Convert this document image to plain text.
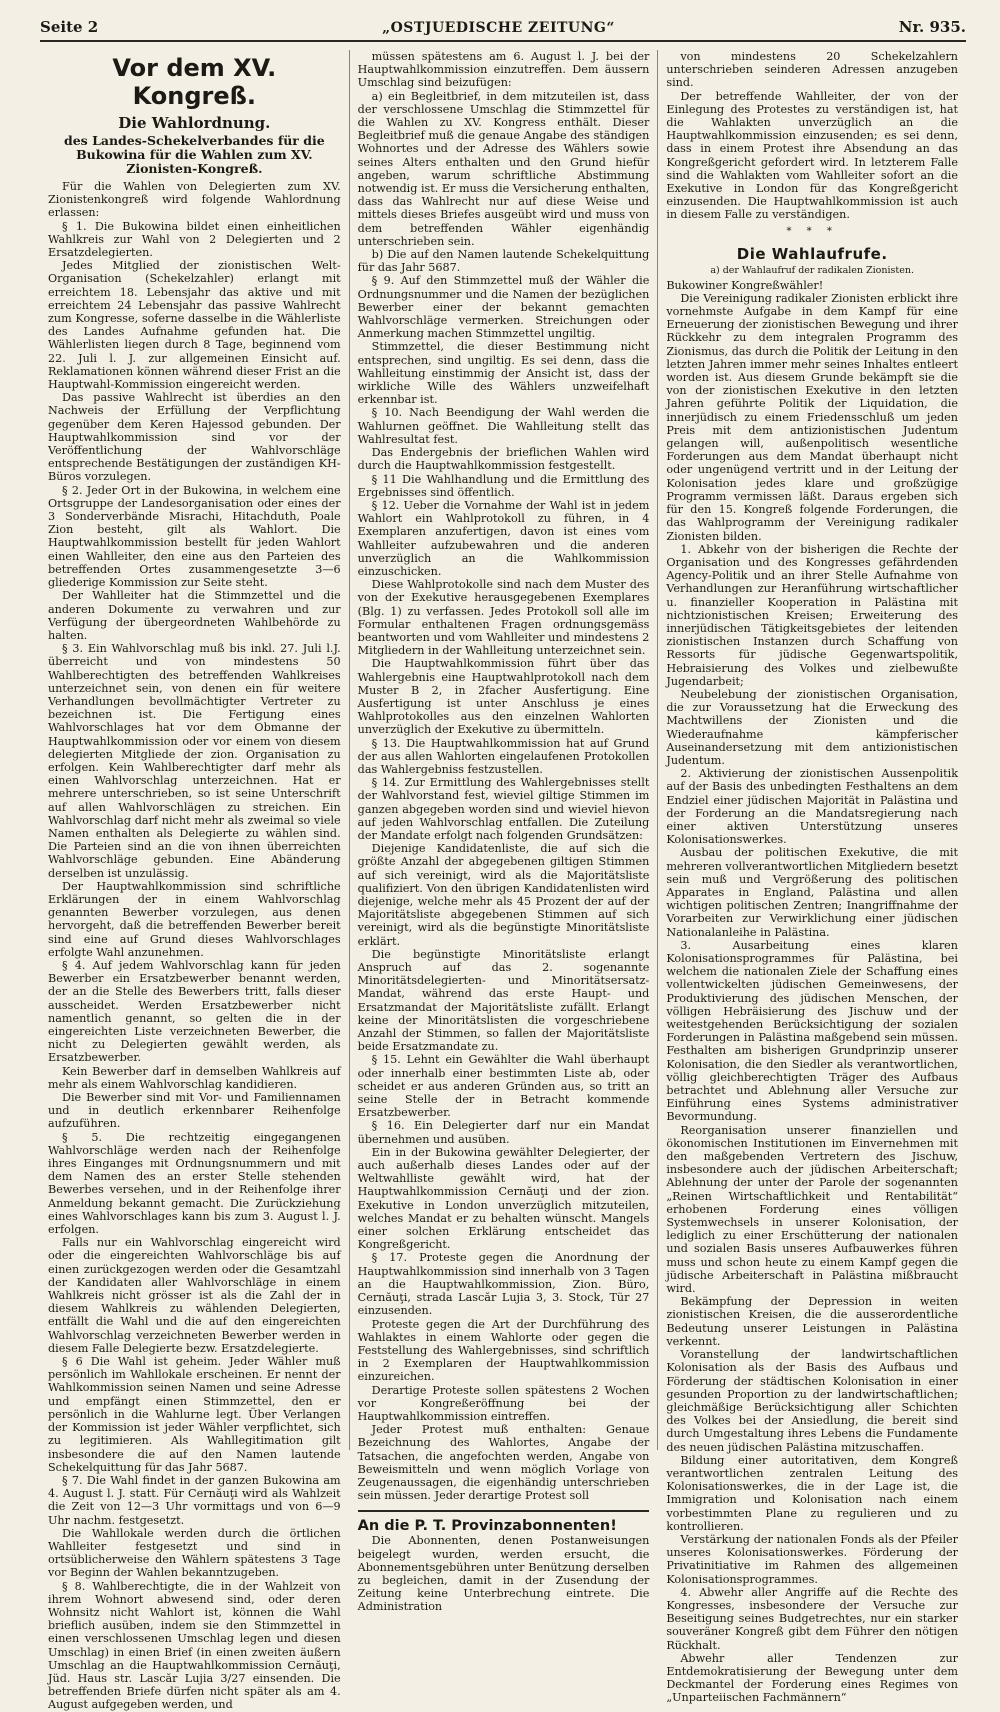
Seite 2	„OSTJUEDISCHE ZEITUNG“	Nr. 935.
Vor dem XV. Kongreß.
Die Wahlordnung.
des Landes-Schekelverbandes für die Bukowina für die Wahlen zum XV. Zionisten-Kongreß.

Für die Wahlen von Delegierten zum XV. Zionistenkongreß wird folgende Wahlordnung erlassen:

§ 1. Die Bukowina bildet einen einheitlichen Wahlkreis zur Wahl von 2 Delegierten und 2 Ersatzdelegierten.

Jedes Mitglied der zionistischen Welt-Organisation (Schekelzahler) erlangt mit erreichtem 18. Lebensjahr das aktive und mit erreichtem 24 Lebensjahr das passive Wahlrecht zum Kongresse, soferne dasselbe in die Wählerliste des Landes Aufnahme gefunden hat. Die Wählerlisten liegen durch 8 Tage, beginnend vom 22. Juli l. J. zur allgemeinen Einsicht auf. Reklamationen können während dieser Frist an die Hauptwahl-Kommission eingereicht werden.

Das passive Wahlrecht ist überdies an den Nachweis der Erfüllung der Verpflichtung gegenüber dem Keren Hajessod gebunden. Der Hauptwahlkommission sind vor der Veröffentlichung der Wahlvorschläge entsprechende Bestätigungen der zuständigen KH-Büros vorzulegen.

§ 2. Jeder Ort in der Bukowina, in welchem eine Ortsgruppe der Landesorganisation oder eines der 3 Sonderverbände Misrachi, Hitachduth, Poale Zion besteht, gilt als Wahlort. Die Hauptwahlkommission bestellt für jeden Wahlort einen Wahlleiter, den eine aus den Parteien des betreffenden Ortes zusammengesetzte 3—6 gliederige Kommission zur Seite steht.

Der Wahlleiter hat die Stimmzettel und die anderen Dokumente zu verwahren und zur Verfügung der übergeordneten Wahlbehörde zu halten.

§ 3. Ein Wahlvorschlag muß bis inkl. 27. Juli l.J. überreicht und von mindestens 50 Wahlberechtigten des betreffenden Wahlkreises unterzeichnet sein, von denen ein für weitere Verhandlungen bevollmächtigter Vertreter zu bezeichnen ist. Die Fertigung eines Wahlvorschlages hat vor dem Obmanne der Hauptwahlkommission oder vor einem von diesem delegierten Mitgliede der zion. Organisation zu erfolgen. Kein Wahlberechtigter darf mehr als einen Wahlvorschlag unterzeichnen. Hat er mehrere unterschrieben, so ist seine Unterschrift auf allen Wahlvorschlägen zu streichen. Ein Wahlvorschlag darf nicht mehr als zweimal so viele Namen enthalten als Delegierte zu wählen sind. Die Parteien sind an die von ihnen überreichten Wahlvorschläge gebunden. Eine Abänderung derselben ist unzulässig.

Der Hauptwahlkommission sind schriftliche Erklärungen der in einem Wahlvorschlag genannten Bewerber vorzulegen, aus denen hervorgeht, daß die betreffenden Bewerber bereit sind eine auf Grund dieses Wahlvorschlages erfolgte Wahl anzunehmen.

§ 4. Auf jedem Wahlvorschlag kann für jeden Bewerber ein Ersatzbewerber benannt werden, der an die Stelle des Bewerbers tritt, falls dieser ausscheidet. Werden Ersatzbewerber nicht namentlich genannt, so gelten die in der eingereichten Liste verzeichneten Bewerber, die nicht zu Delegierten gewählt werden, als Ersatzbewerber.

Kein Bewerber darf in demselben Wahlkreis auf mehr als einem Wahlvorschlag kandidieren.

Die Bewerber sind mit Vor- und Familiennamen und in deutlich erkennbarer Reihenfolge aufzuführen.

§ 5. Die rechtzeitig eingegangenen Wahlvorschläge werden nach der Reihenfolge ihres Einganges mit Ordnungsnummern und mit dem Namen des an erster Stelle stehenden Bewerbes versehen, und in der Reihenfolge ihrer Anmeldung bekannt gemacht. Die Zurückziehung eines Wahlvorschlages kann bis zum 3. August l. J. erfolgen.

Falls nur ein Wahlvorschlag eingereicht wird oder die eingereichten Wahlvorschläge bis auf einen zurückgezogen werden oder die Gesamtzahl der Kandidaten aller Wahlvorschläge in einem Wahlkreis nicht grösser ist als die Zahl der in diesem Wahlkreis zu wählenden Delegierten, entfällt die Wahl und die auf den eingereichten Wahlvorschlag verzeichneten Bewerber werden in diesem Falle Delegierte bezw. Ersatzdelegierte.

§ 6 Die Wahl ist geheim. Jeder Wähler muß persönlich im Wahllokale erscheinen. Er nennt der Wahlkommission seinen Namen und seine Adresse und empfängt einen Stimmzettel, den er persönlich in die Wahlurne legt. Über Verlangen der Kommission ist jeder Wähler verpflichtet, sich zu legitimieren. Als Wahllegitimation gilt insbesondere die auf den Namen lautende Schekelquittung für das Jahr 5687.

§ 7. Die Wahl findet in der ganzen Bukowina am 4. August l. J. statt. Für Cernăuţi wird als Wahlzeit die Zeit von 12—3 Uhr vormittags und von 6—9 Uhr nachm. festgesetzt.

Die Wahllokale werden durch die örtlichen Wahlleiter festgesetzt und sind in ortsüblicherweise den Wählern spätestens 3 Tage vor Beginn der Wahlen bekanntzugeben.

§ 8. Wahlberechtigte, die in der Wahlzeit von ihrem Wohnort abwesend sind, oder deren Wohnsitz nicht Wahlort ist, können die Wahl brieflich ausüben, indem sie den Stimmzettel in einen verschlossenen Umschlag legen und diesen Umschlag) in einen Brief (in einen zweiten äußern Umschlag an die Hauptwahlkommission Cernăuţi, Jüd. Haus str. Lascăr Lujia 3/27 einsenden. Die betreffenden Briefe dürfen nicht später als am 4. August aufgegeben werden, und

müssen spätestens am 6. August l. J. bei der Hauptwahlkommission einzutreffen. Dem äussern Umschlag sind beizufügen:

a) ein Begleitbrief, in dem mitzuteilen ist, dass der verschlossene Umschlag die Stimmzettel für die Wahlen zu XV. Kongress enthält. Dieser Begleitbrief muß die genaue Angabe des ständigen Wohnortes und der Adresse des Wählers sowie seines Alters enthalten und den Grund hiefür angeben, warum schriftliche Abstimmung notwendig ist. Er muss die Versicherung enthalten, dass das Wahlrecht nur auf diese Weise und mittels dieses Briefes ausgeübt wird und muss von dem betreffenden Wähler eigenhändig unterschrieben sein.

b) Die auf den Namen lautende Schekelquittung für das Jahr 5687.

§ 9. Auf den Stimmzettel muß der Wähler die Ordnungsnummer und die Namen der bezüglichen Bewerber einer der bekannt gemachten Wahlvorschläge vermerken. Streichungen oder Anmerkung machen Stimmzettel ungiltig.

Stimmzettel, die dieser Bestimmung nicht entsprechen, sind ungiltig. Es sei denn, dass die Wahlleitung einstimmig der Ansicht ist, dass der wirkliche Wille des Wählers unzweifelhaft erkennbar ist.

§ 10. Nach Beendigung der Wahl werden die Wahlurnen geöffnet. Die Wahlleitung stellt das Wahlresultat fest.

Das Endergebnis der brieflichen Wahlen wird durch die Hauptwahlkommission festgestellt.

§ 11 Die Wahlhandlung und die Ermittlung des Ergebnisses sind öffentlich.

§ 12. Ueber die Vornahme der Wahl ist in jedem Wahlort ein Wahlprotokoll zu führen, in 4 Exemplaren anzufertigen, davon ist eines vom Wahlleiter aufzubewahren und die anderen unverzüglich an die Wahlkommission einzuschicken.

Diese Wahlprotokolle sind nach dem Muster des von der Exekutive herausgegebenen Exemplares (Blg. 1) zu verfassen. Jedes Protokoll soll alle im Formular enthaltenen Fragen ordnungsgemäss beantworten und vom Wahlleiter und mindestens 2 Mitgliedern in der Wahlleitung unterzeichnet sein.

Die Hauptwahlkommission führt über das Wahlergebnis eine Hauptwahlprotokoll nach dem Muster B 2, in 2facher Ausfertigung. Eine Ausfertigung ist unter Anschluss je eines Wahlprotokolles aus den einzelnen Wahlorten unverzüglich der Exekutive zu übermitteln.

§ 13. Die Hauptwahlkommission hat auf Grund der aus allen Wahlorten eingelaufenen Protokollen das Wahlergebniss festzustellen.

§ 14. Zur Ermittlung des Wahlergebnisses stellt der Wahlvorstand fest, wieviel giltige Stimmen im ganzen abgegeben worden sind und wieviel hievon auf jeden Wahlvorschlag entfallen. Die Zuteilung der Mandate erfolgt nach folgenden Grundsätzen:

Diejenige Kandidatenliste, die auf sich die größte Anzahl der abgegebenen giltigen Stimmen auf sich vereinigt, wird als die Majoritätsliste qualifiziert. Von den übrigen Kandidatenlisten wird diejenige, welche mehr als 45 Prozent der auf der Majoritätsliste abgegebenen Stimmen auf sich vereinigt, wird als die begünstigte Minoritätsliste erklärt.

Die begünstigte Minoritätsliste erlangt Anspruch auf das 2. sogenannte Minoritätsdelegierten- und Minoritätsersatz-Mandat, während das erste Haupt- und Ersatzmandat der Majoritätsliste zufällt. Erlangt keine der Minoritätslisten die vorgeschriebene Anzahl der Stimmen, so fallen der Majoritätsliste beide Ersatzmandate zu.

§ 15. Lehnt ein Gewählter die Wahl überhaupt oder innerhalb einer bestimmten Liste ab, oder scheidet er aus anderen Gründen aus, so tritt an seine Stelle der in Betracht kommende Ersatzbewerber.

§ 16. Ein Delegierter darf nur ein Mandat übernehmen und ausüben.

Ein in der Bukowina gewählter Delegierter, der auch außerhalb dieses Landes oder auf der Weltwahlliste gewählt wird, hat der Hauptwahlkommission Cernăuţi und der zion. Exekutive in London unverzüglich mitzuteilen, welches Mandat er zu behalten wünscht. Mangels einer solchen Erklärung entscheidet das Kongreßgericht.

§ 17. Proteste gegen die Anordnung der Hauptwahlkommission sind innerhalb von 3 Tagen an die Hauptwahlkommission, Zion. Büro, Cernăuţi, strada Lascăr Lujia 3, 3. Stock, Tür 27 einzusenden.

Proteste gegen die Art der Durchführung des Wahlaktes in einem Wahlorte oder gegen die Feststellung des Wahlergebnisses, sind schriftlich in 2 Exemplaren der Hauptwahlkommission einzureichen.

Derartige Proteste sollen spätestens 2 Wochen vor Kongreßeröffnung bei der Hauptwahlkommission eintreffen.

Jeder Protest muß enthalten: Genaue Bezeichnung des Wahlortes, Angabe der Tatsachen, die angefochten werden, Angabe von Beweismitteln und wenn möglich Vorlage von Zeugenaussagen, die eigenhändig unterschrieben sein müssen. Jeder derartige Protest soll

An die P. T. Provinzabonnenten!

Die Abonnenten, denen Postanweisungen beigelegt wurden, werden ersucht, die Abonnementsgebühren unter Benützung derselben zu begleichen, damit in der Zusendung der Zeitung keine Unterbrechung eintrete. Die Administration

von mindestens 20 Schekelzahlern unterschrieben seinderen Adressen anzugeben sind.

Der betreffende Wahlleiter, der von der Einlegung des Protestes zu verständigen ist, hat die Wahlakten unverzüglich an die Hauptwahlkommission einzusenden; es sei denn, dass in einem Protest ihre Absendung an das Kongreßgericht gefordert wird. In letzterem Falle sind die Wahlakten vom Wahlleiter sofort an die Exekutive in London für das Kongreßgericht einzusenden. Die Hauptwahlkommission ist auch in diesem Falle zu verständigen.

* * *
Die Wahlaufrufe.
a) der Wahlaufruf der radikalen Zionisten.

Bukowiner Kongreßwähler!

Die Vereinigung radikaler Zionisten erblickt ihre vornehmste Aufgabe in dem Kampf für eine Erneuerung der zionistischen Bewegung und ihrer Rückkehr zu dem integralen Programm des Zionismus, das durch die Politik der Leitung in den letzten Jahren immer mehr seines Inhaltes entleert worden ist. Aus diesem Grunde bekämpft sie die von der zionistischen Exekutive in den letzten Jahren geführte Politik der Liquidation, die innerjüdisch zu einem Friedensschluß um jeden Preis mit dem antizionistischen Judentum gelangen will, außenpolitisch wesentliche Forderungen aus dem Mandat überhaupt nicht oder ungenügend vertritt und in der Leitung der Kolonisation jedes klare und großzügige Programm vermissen läßt. Daraus ergeben sich für den 15. Kongreß folgende Forderungen, die das Wahlprogramm der Vereinigung radikaler Zionisten bilden.

1. Abkehr von der bisherigen die Rechte der Organisation und des Kongresses gefährdenden Agency-Politik und an ihrer Stelle Aufnahme von Verhandlungen zur Heranführung wirtschaftlicher u. finanzieller Kooperation in Palästina mit nichtzionistischen Kreisen; Erweiterung des innerjüdischen Tätigkeitsgebietes der leitenden zionistischen Instanzen durch Schaffung von Ressorts für jüdische Gegenwartspolitik, Hebraisierung des Volkes und zielbewußte Jugendarbeit;

Neubelebung der zionistischen Organisation, die zur Voraussetzung hat die Erweckung des Machtwillens der Zionisten und die Wiederaufnahme kämpferischer Auseinandersetzung mit dem antizionistischen Judentum.

2. Aktivierung der zionistischen Aussenpolitik auf der Basis des unbedingten Festhaltens an dem Endziel einer jüdischen Majorität in Palästina und der Forderung an die Mandatsregierung nach einer aktiven Unterstützung unseres Kolonisationswerkes.

Ausbau der politischen Exekutive, die mit mehreren vollverantwortlichen Mitgliedern besetzt sein muß und Vergrößerung des politischen Apparates in England, Palästina und allen wichtigen politischen Zentren; Inangriffnahme der Vorarbeiten zur Verwirklichung einer jüdischen Nationalanleihe in Palästina.

3. Ausarbeitung eines klaren Kolonisationsprogrammes für Palästina, bei welchem die nationalen Ziele der Schaffung eines vollentwickelten jüdischen Gemeinwesens, der Produktivierung des jüdischen Menschen, der völligen Hebräisierung des Jischuw und der weitestgehenden Berücksichtigung der sozialen Forderungen in Palästina maßgebend sein müssen. Festhalten am bisherigen Grundprinzip unserer Kolonisation, die den Siedler als verantwortlichen, völlig gleichberechtigten Träger des Aufbaus betrachtet und Ablehnung aller Versuche zur Einführung eines Systems administrativer Bevormundung.

Reorganisation unserer finanziellen und ökonomischen Institutionen im Einvernehmen mit den maßgebenden Vertretern des Jischuw, insbesondere auch der jüdischen Arbeiterschaft; Ablehnung der unter der Parole der sogenannten „Reinen Wirtschaftlichkeit und Rentabilität“ erhobenen Forderung eines völligen Systemwechsels in unserer Kolonisation, der lediglich zu einer Erschütterung der nationalen und sozialen Basis unseres Aufbauwerkes führen muss und schon heute zu einem Kampf gegen die jüdische Arbeiterschaft in Palästina mißbraucht wird.

Bekämpfung der Depression in weiten zionistischen Kreisen, die die ausserordentliche Bedeutung unserer Leistungen in Palästina verkennt.

Voranstellung der landwirtschaftlichen Kolonisation als der Basis des Aufbaus und Förderung der städtischen Kolonisation in einer gesunden Proportion zu der landwirtschaftlichen; gleichmäßige Berücksichtigung aller Schichten des Volkes bei der Ansiedlung, die bereit sind durch Umgestaltung ihres Lebens die Fundamente des neuen jüdischen Palästina mitzuschaffen.

Bildung einer autoritativen, dem Kongreß verantwortlichen zentralen Leitung des Kolonisationswerkes, die in der Lage ist, die Immigration und Kolonisation nach einem vorbestimmten Plane zu regulieren und zu kontrollieren.

Verstärkung der nationalen Fonds als der Pfeiler unseres Kolonisationswerkes. Förderung der Privatinitiative im Rahmen des allgemeinen Kolonisationsprogrammes.

4. Abwehr aller Angriffe auf die Rechte des Kongresses, insbesondere der Versuche zur Beseitigung seines Budgetrechtes, nur ein starker souveräner Kongreß gibt dem Führer den nötigen Rückhalt.

Abwehr aller Tendenzen zur Entdemokratisierung der Bewegung unter dem Deckmantel der Forderung eines Regimes von „Unparteiischen Fachmännern“
